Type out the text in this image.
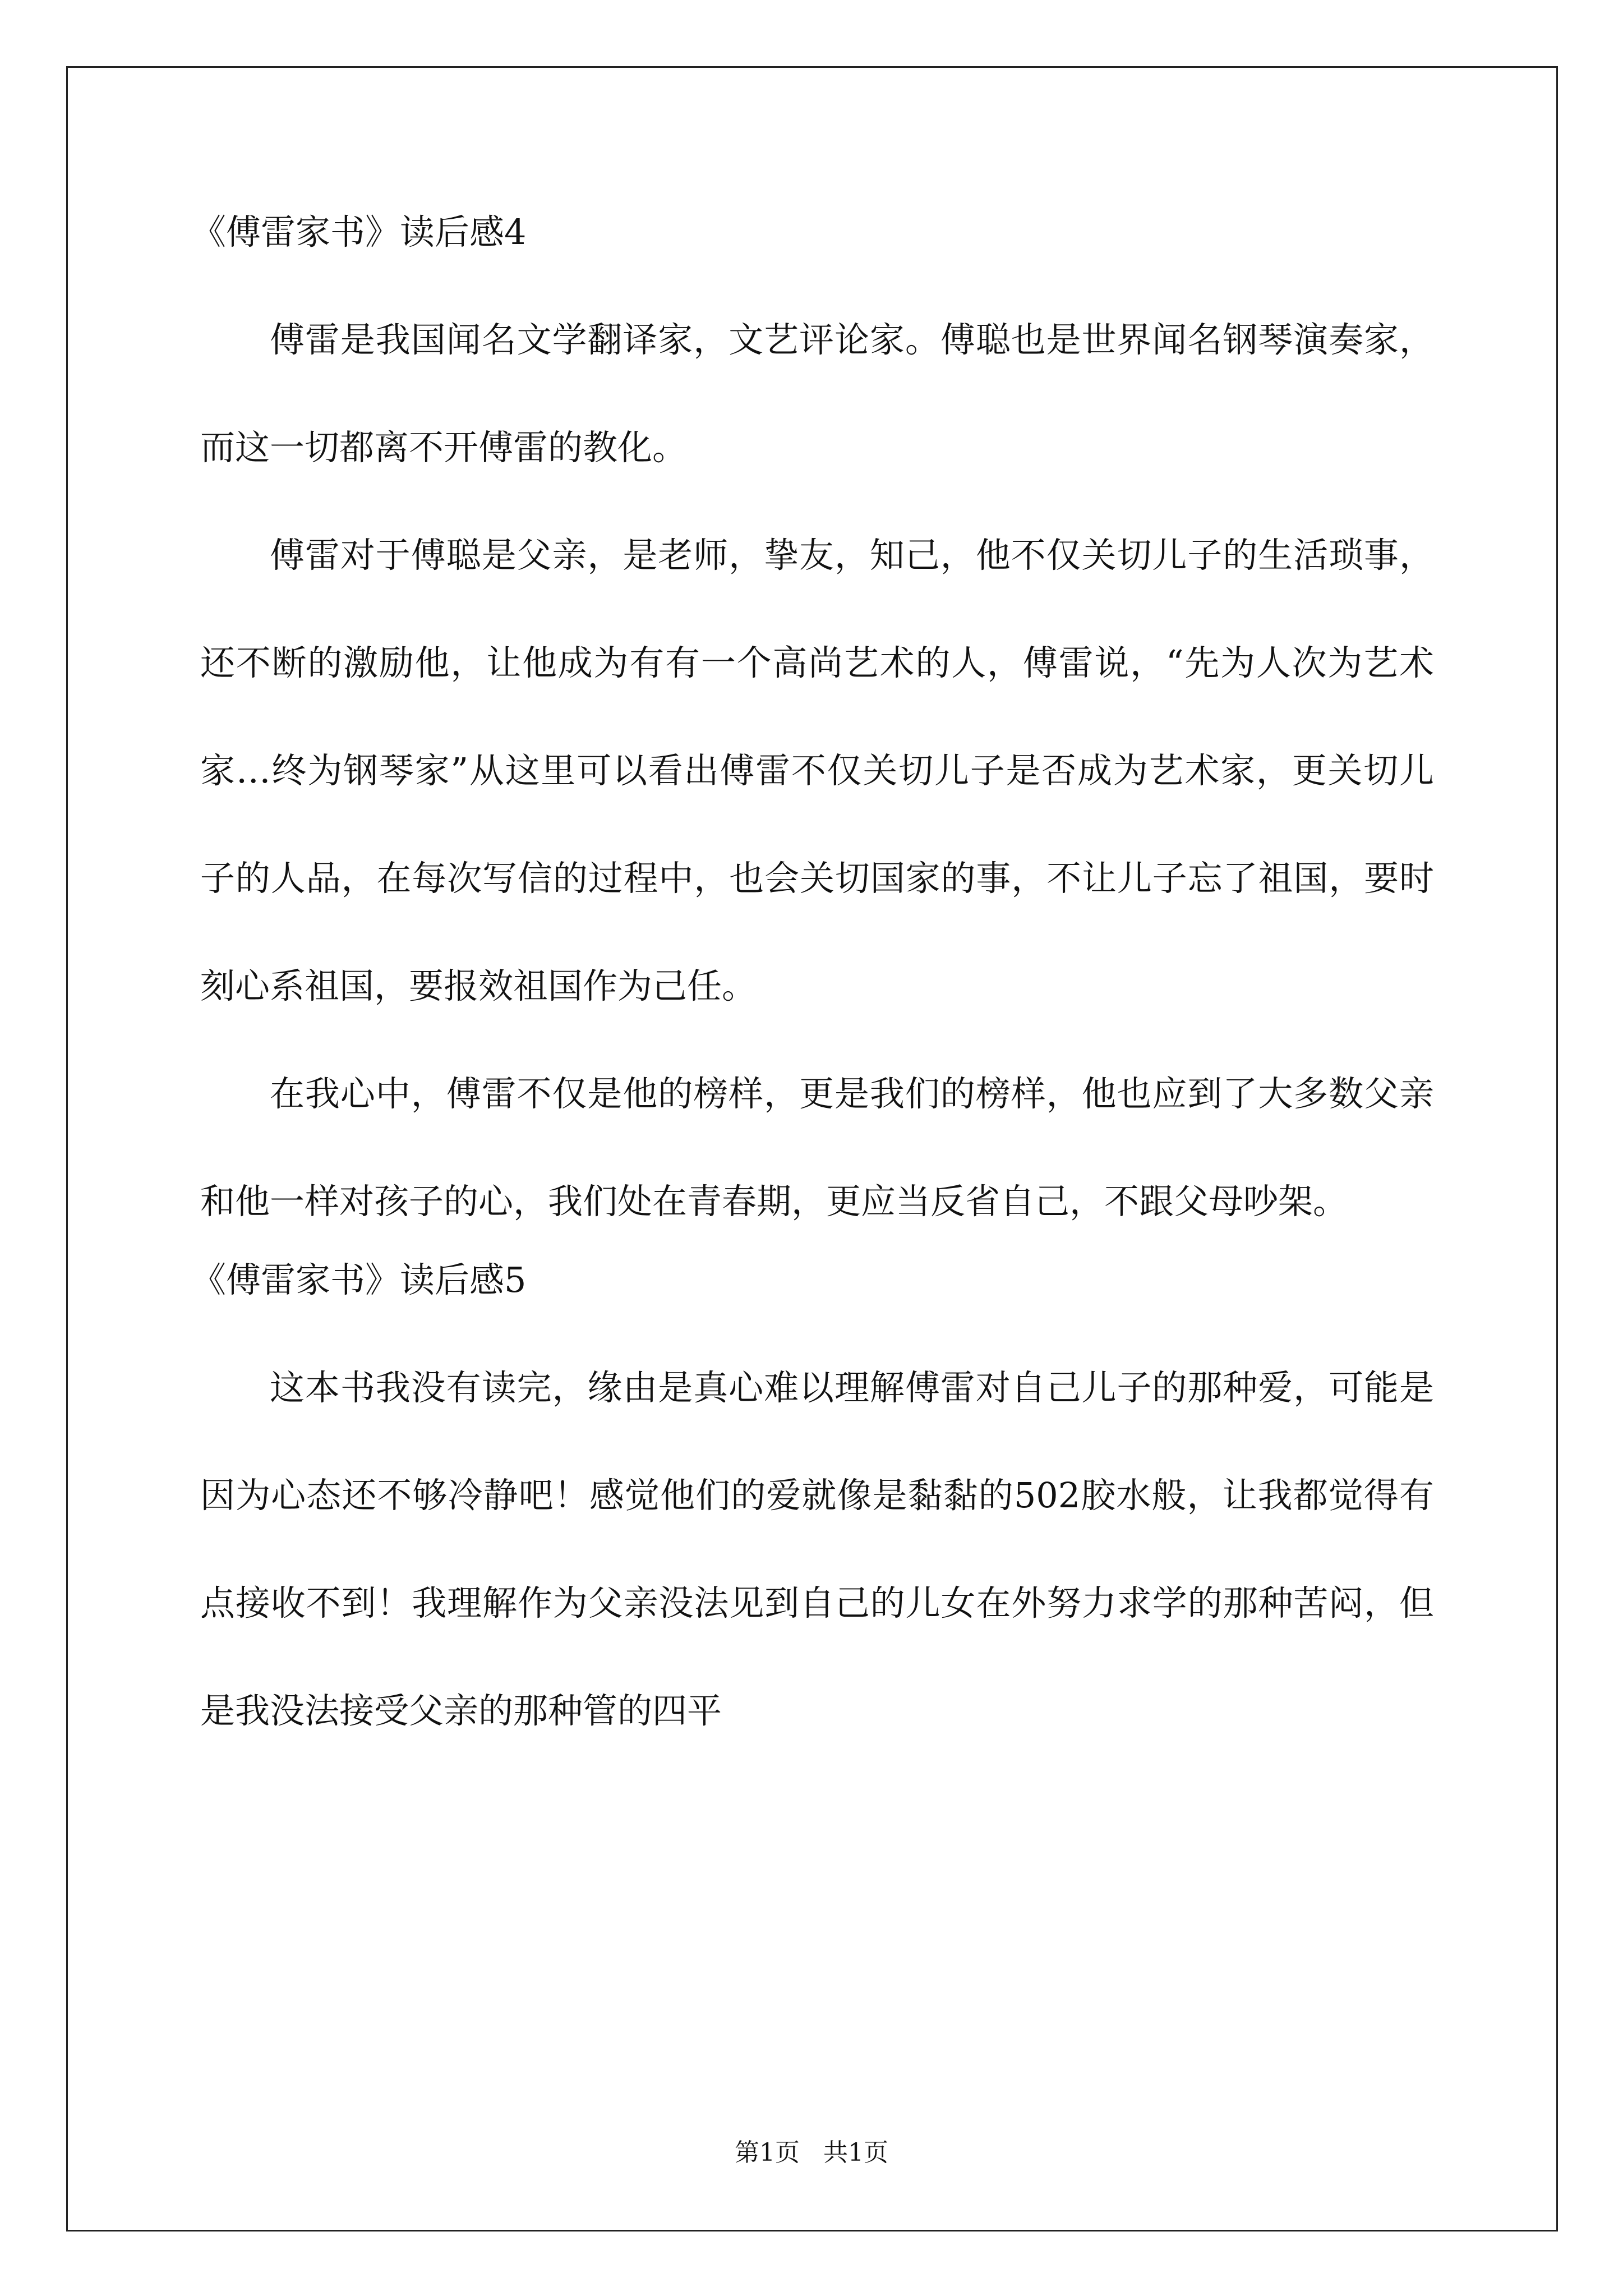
《傅雷家书》读后感4

傅雷是我国闻名文学翻译家，文艺评论家。傅聪也是世界闻名钢琴演奏家，而这一切都离不开傅雷的教化。

傅雷对于傅聪是父亲，是老师，挚友，知己，他不仅关切儿子的生活琐事，还不断的激励他，让他成为有有一个高尚艺术的人，傅雷说，“先为人次为艺术家…终为钢琴家”从这里可以看出傅雷不仅关切儿子是否成为艺术家，更关切儿子的人品，在每次写信的过程中，也会关切国家的事，不让儿子忘了祖国，要时刻心系祖国，要报效祖国作为己任。

在我心中，傅雷不仅是他的榜样，更是我们的榜样，他也应到了大多数父亲和他一样对孩子的心，我们处在青春期，更应当反省自己，不跟父母吵架。

《傅雷家书》读后感5

这本书我没有读完，缘由是真心难以理解傅雷对自己儿子的那种爱，可能是因为心态还不够冷静吧！感觉他们的爱就像是黏黏的502胶水般，让我都觉得有点接收不到！我理解作为父亲没法见到自己的儿女在外努力求学的那种苦闷，但是我没法接受父亲的那种管的四平

第1页   共1页
